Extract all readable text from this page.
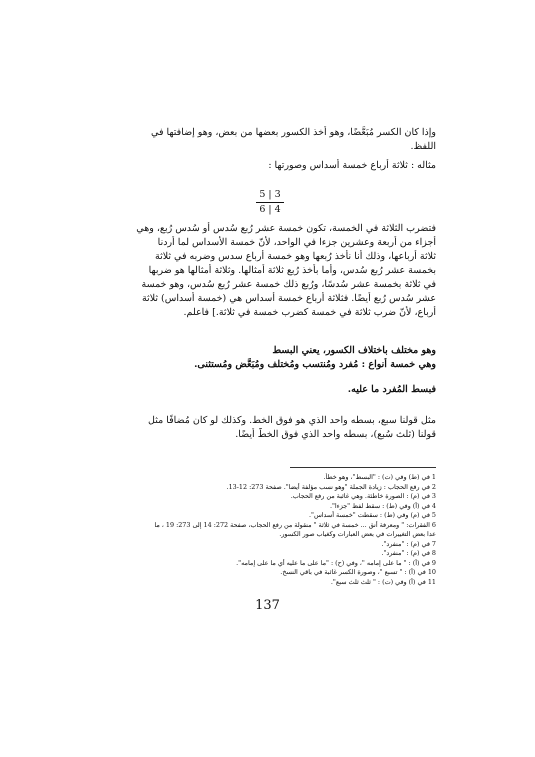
وإذا كان الكسر مُبَعَّضًا، وهو أخذ الكسور بعضها من بعض، وهو إضافتها في
اللفظ.
مثاله : ثلاثة أرباع خمسة أسداس وصورتها :
5 | 3
6 | 4
فتضرب الثلاثة في الخمسة، تكون خمسة عشر رُبع سُدس أو سُدس رُبع، وهي
أجزاء من أربعة وعشرين جزءا في الواحد، لأنّ خمسة الأسداس لما أردنا
ثلاثة أرباعها، وذلك أنا نأخذ رُبعها وهو خمسة أرباع سدس وضربه في ثلاثة
بخمسة عشر رُبع سُدس، وأما بأخذ رُبع ثلاثة أمثالها. وثلاثة أمثالها هو ضربها
في ثلاثة بخمسة عشر سُدسًا، ورُبع ذلك خمسة عشر رُبع سُدس، وهو خمسة
عشر سُدس رُبع أيضًا. فثلاثة أرباع خمسة أسداس هي (خمسة أسداس) ثلاثة
أرباع، لأنّ ضرب ثلاثة في خمسة كضرب خمسة في ثلاثة.] فاعلم.
وهو مختلف باختلاف الكسور، يعني البسط
وهي خمسة أنواع : مُفرد ومُنتسب ومُختلف ومُبَعَّض ومُستثنى.
فبسط المُفرد ما عليه.
مثل قولنا سبع، بسطه واحد الذي هو فوق الخط. وكذلك لو كان مُضافًا مثل
قولنا (ثلث سُبع)، بسطه واحد الذي فوق الخطّ أيضًا.
1 في (ط) وفي (ت) : "البسط"، وهو خطأ.
2 في رفع الحجاب : زيادة الجملة "وهو نسب مؤلفة أيضا". صفحة 273: 12-13.
3 في (م) : الصورة خاطئة. وهي غائبة من رفع الحجاب.
4 في (أ) وفي (ط) : سقط لفظ "جزءا".
5 في (م) وفي (ط) : سقطت "خمسة أسداس".
6 الفقرات: " ومعرفة أنق ... خمسة في ثلاثة " منقولة من رفع الحجاب، صفحة 272: 14 إلى 273: 19 ، ما
عدا بعض التغييرات في بعض العبارات وكغياب صور الكسور.
7 في (م) : "منفرد".
8 في (م) : "منفرد".
9 في (أ) : " ما على إمامه "، وفي (ح) : "ما على ما عليه أي ما على إمامه".
10 في (أ) : " تسبع "، وصورة الكسر غائبة في باقي النسخ.
11 في (أ) وفي (ت) : " ثلث ثلث سبع".
137
